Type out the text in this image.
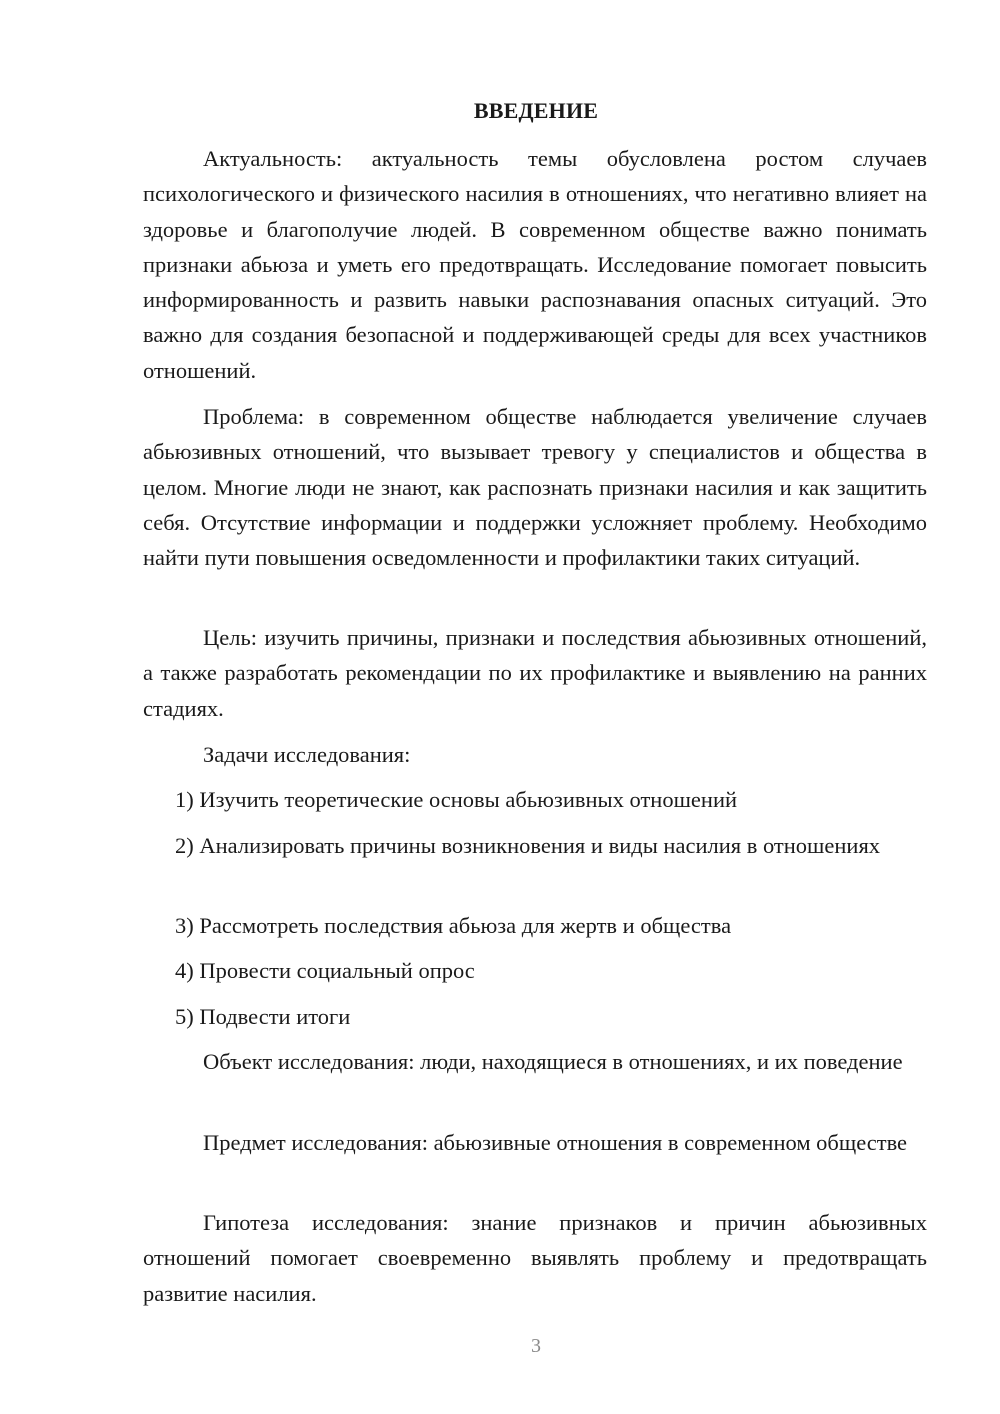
ВВЕДЕНИЕ

Актуальность: актуальность темы обусловлена ростом случаев психологического и физического насилия в отношениях, что негативно влияет на здоровье и благополучие людей. В современном обществе важно понимать признаки абьюза и уметь его предотвращать. Исследование помогает повысить информированность и развить навыки распознавания опасных ситуаций. Это важно для создания безопасной и поддерживающей среды для всех участников отношений.

Проблема: в современном обществе наблюдается увеличение случаев абьюзивных отношений, что вызывает тревогу у специалистов и общества в целом. Многие люди не знают, как распознать признаки насилия и как защитить себя. Отсутствие информации и поддержки усложняет проблему. Необходимо найти пути повышения осведомленности и профилактики таких ситуаций.

Цель: изучить причины, признаки и последствия абьюзивных отношений, а также разработать рекомендации по их профилактике и выявлению на ранних стадиях.

Задачи исследования:

1) Изучить теоретические основы абьюзивных отношений

2) Анализировать причины возникновения и виды насилия в отношениях

3) Рассмотреть последствия абьюза для жертв и общества

4) Провести социальный опрос

5) Подвести итоги

Объект исследования: люди, находящиеся в отношениях, и их поведение

Предмет исследования: абьюзивные отношения в современном обществе

Гипотеза исследования: знание признаков и причин абьюзивных отношений помогает своевременно выявлять проблему и предотвращать развитие насилия.

3
